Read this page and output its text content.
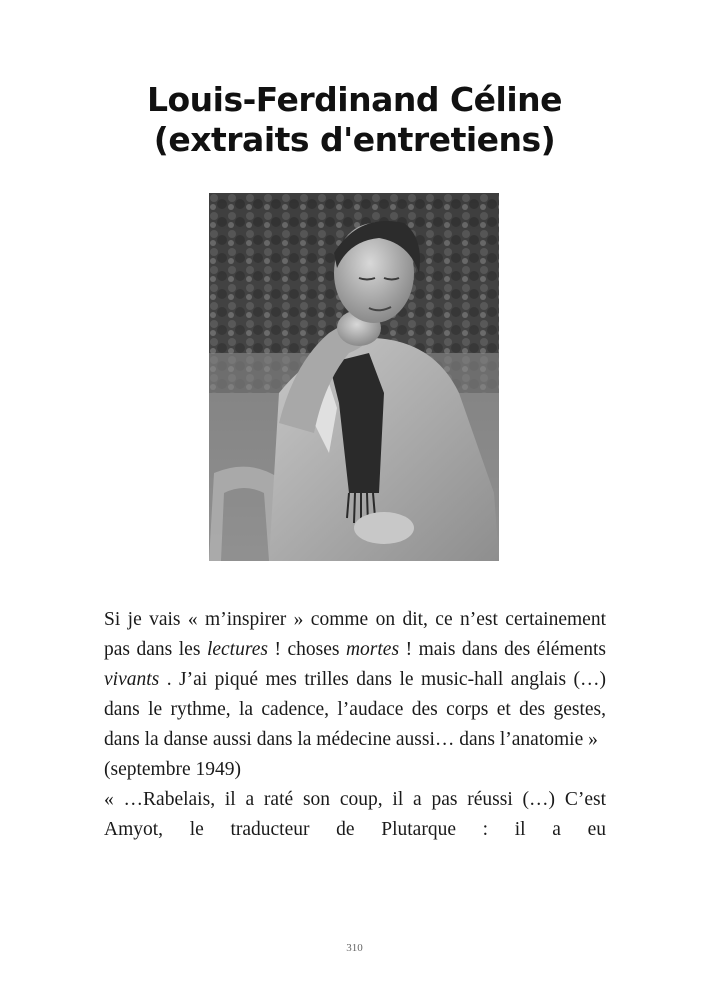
Louis-Ferdinand Céline
(extraits d'entretiens)

Si je vais « m’inspirer » comme on dit, ce n’est certainement pas dans les lectures ! choses mortes ! mais dans des éléments vivants . J’ai piqué mes trilles dans le music-hall anglais (…) dans le rythme, la cadence, l’audace des corps et des gestes, dans la danse aussi dans la médecine aussi… dans l’anatomie »

(septembre 1949)

« …Rabelais, il a raté son coup, il a pas réussi (…) C’est Amyot, le traducteur de Plutarque : il a eu

310
